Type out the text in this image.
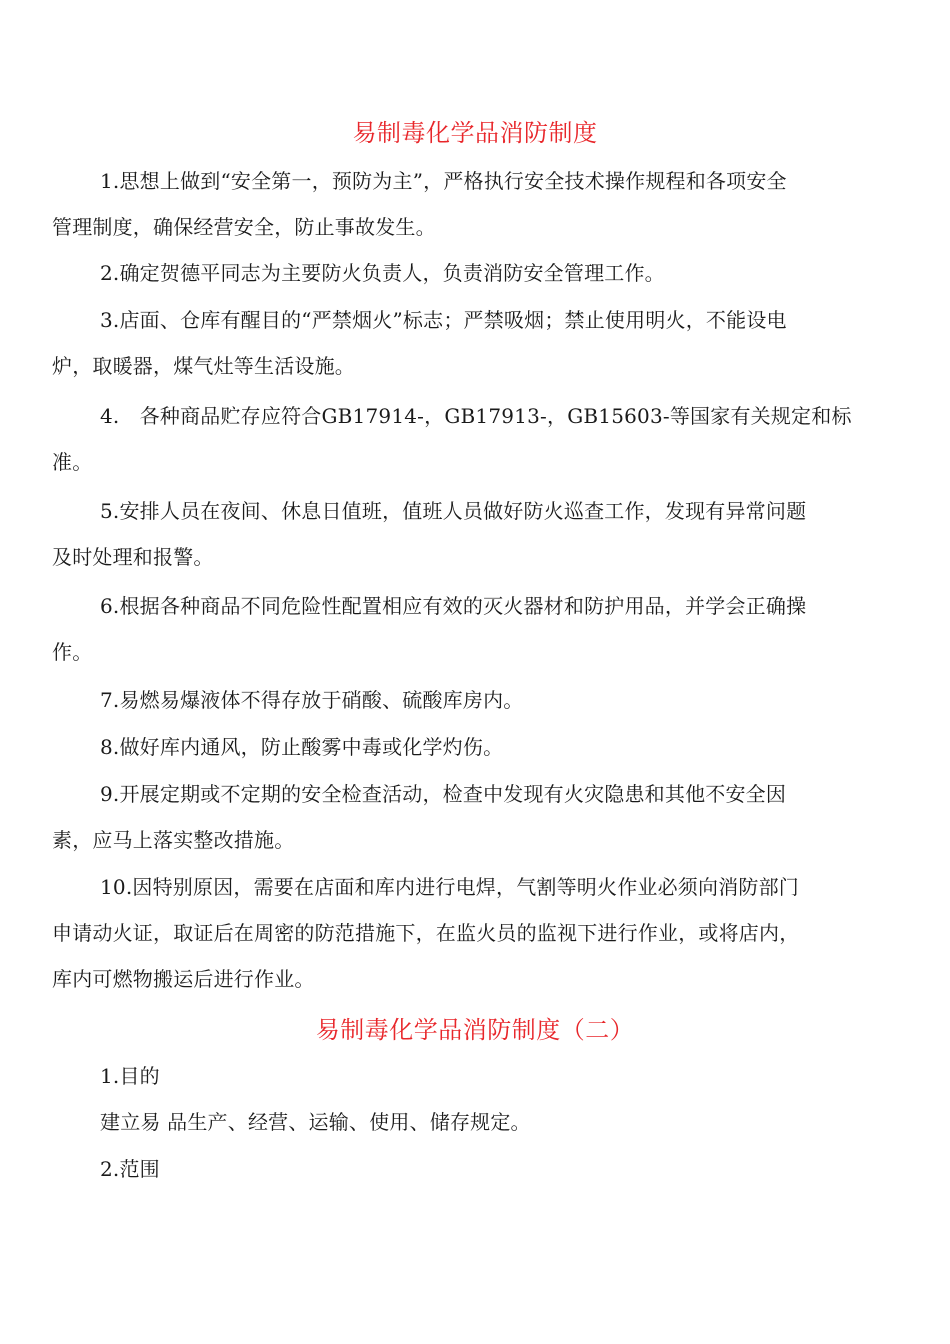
易制毒化学品消防制度
1.思想上做到“安全第一，预防为主”，严格执行安全技术操作规程和各项安全
管理制度，确保经营安全，防止事故发生。
2.确定贺德平同志为主要防火负责人，负责消防安全管理工作。
3.店面、仓库有醒目的“严禁烟火”标志；严禁吸烟；禁止使用明火，不能设电
炉，取暖器，煤气灶等生活设施。
4.　各种商品贮存应符合GB17914-，GB17913-，GB15603-等国家有关规定和标
准。
5.安排人员在夜间、休息日值班，值班人员做好防火巡查工作，发现有异常问题
及时处理和报警。
6.根据各种商品不同危险性配置相应有效的灭火器材和防护用品，并学会正确操
作。
7.易燃易爆液体不得存放于硝酸、硫酸库房内。
8.做好库内通风，防止酸雾中毒或化学灼伤。
9.开展定期或不定期的安全检查活动，检查中发现有火灾隐患和其他不安全因
素，应马上落实整改措施。
10.因特别原因，需要在店面和库内进行电焊，气割等明火作业必须向消防部门
申请动火证，取证后在周密的防范措施下，在监火员的监视下进行作业，或将店内，
库内可燃物搬运后进行作业。
易制毒化学品消防制度（二）
1.目的
建立易 品生产、经营、运输、使用、储存规定。
2.范围
